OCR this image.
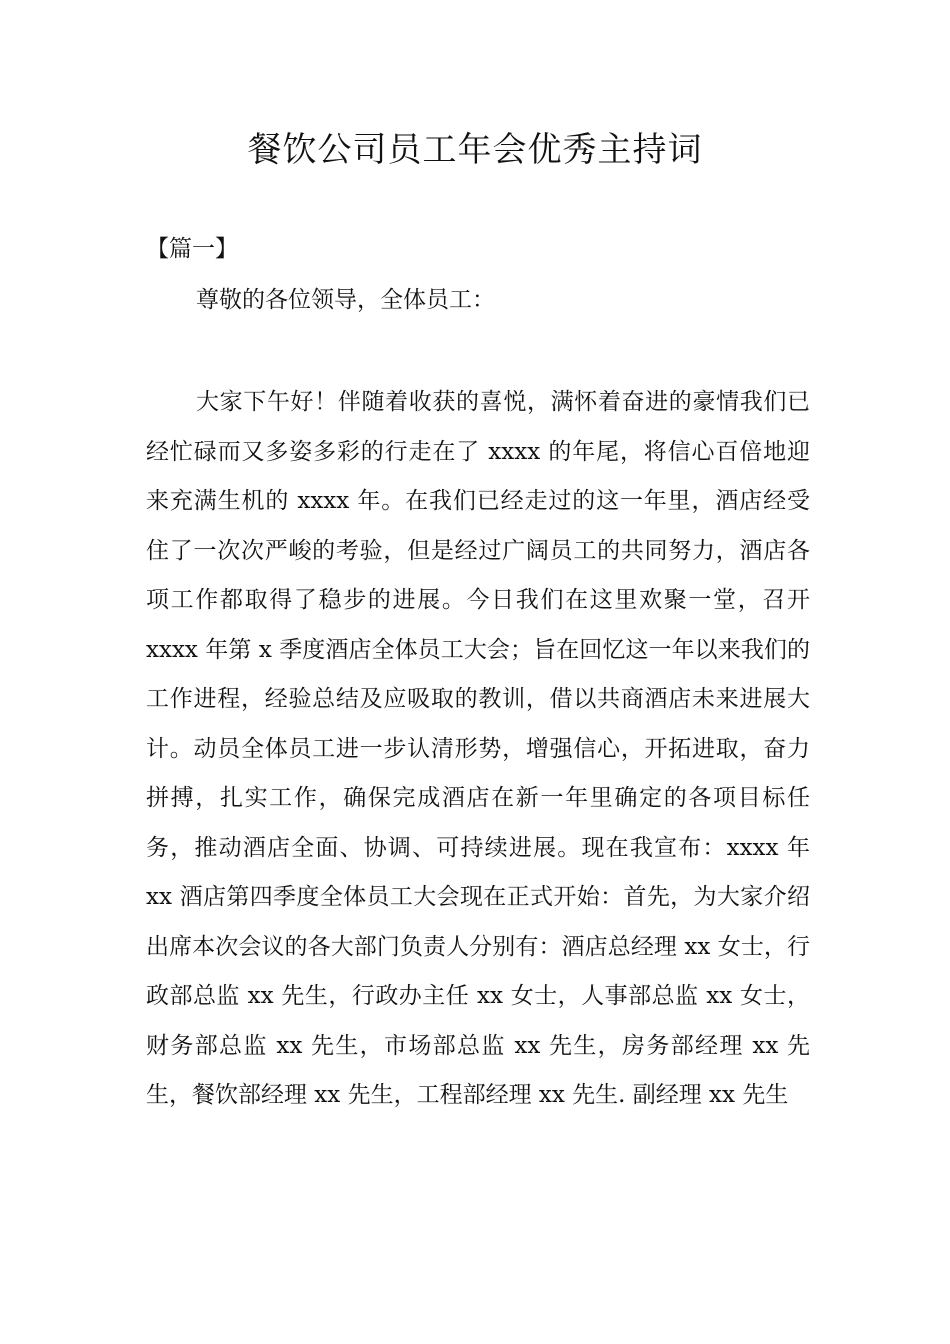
餐饮公司员工年会优秀主持词
【篇一】
尊敬的各位领导，全体员工：

大家下午好！伴随着收获的喜悦，满怀着奋进的豪情我们已经忙碌而又多姿多彩的行走在了 xxxx 的年尾，将信心百倍地迎来充满生机的 xxxx 年。在我们已经走过的这一年里，酒店经受住了一次次严峻的考验，但是经过广阔员工的共同努力，酒店各项工作都取得了稳步的进展。今日我们在这里欢聚一堂，召开 xxxx 年第 x 季度酒店全体员工大会；旨在回忆这一年以来我们的工作进程，经验总结及应吸取的教训，借以共商酒店未来进展大计。动员全体员工进一步认清形势，增强信心，开拓进取，奋力拼搏，扎实工作，确保完成酒店在新一年里确定的各项目标任务，推动酒店全面、协调、可持续进展。现在我宣布：xxxx 年 xx 酒店第四季度全体员工大会现在正式开始：首先，为大家介绍出席本次会议的各大部门负责人分别有：酒店总经理 xx 女士，行政部总监 xx 先生，行政办主任 xx 女士，人事部总监 xx 女士，财务部总监 xx 先生，市场部总监 xx 先生，房务部经理 xx 先生，餐饮部经理 xx 先生，工程部经理 xx 先生. 副经理 xx 先生
